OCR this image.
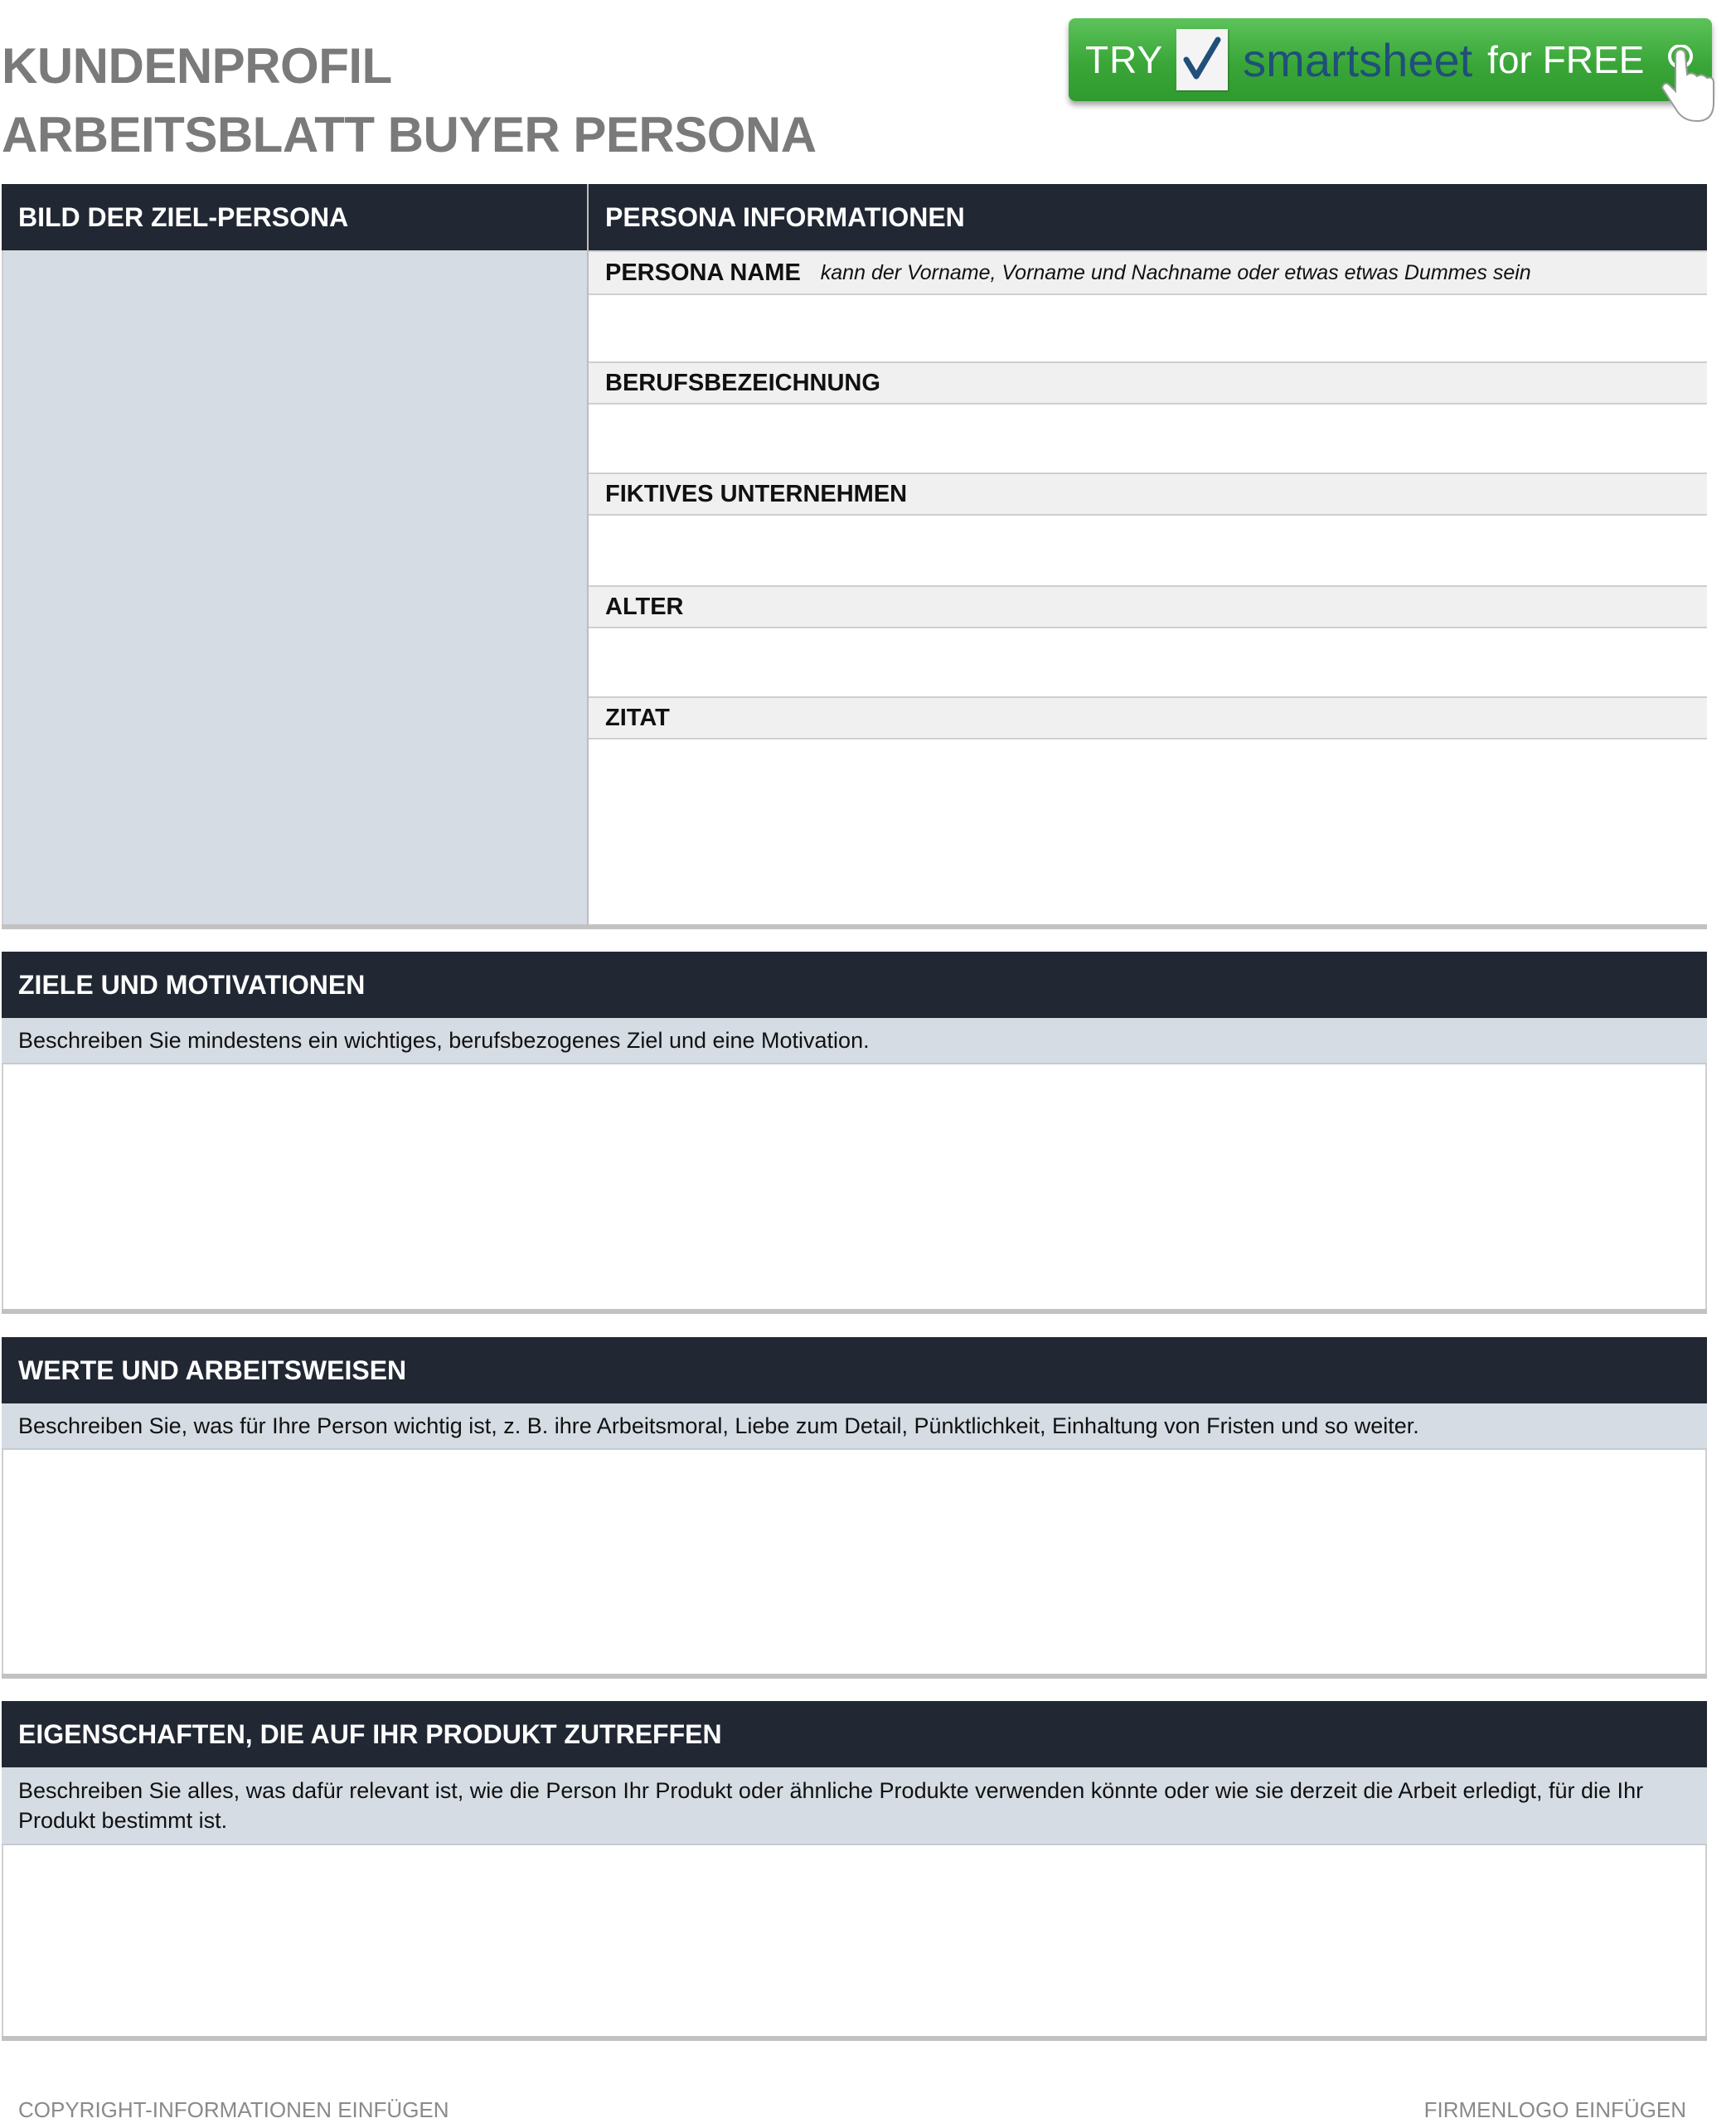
KUNDENPROFIL
ARBEITSBLATT BUYER PERSONA
TRY smartsheet for FREE
BILD DER ZIEL-PERSONA	PERSONA INFORMATIONEN
PERSONA NAME kann der Vorname, Vorname und Nachname oder etwas etwas Dummes sein
BERUFSBEZEICHNUNG
FIKTIVES UNTERNEHMEN
ALTER
ZITAT
ZIELE UND MOTIVATIONEN
Beschreiben Sie mindestens ein wichtiges, berufsbezogenes Ziel und eine Motivation.
WERTE UND ARBEITSWEISEN
Beschreiben Sie, was für Ihre Person wichtig ist, z. B. ihre Arbeitsmoral, Liebe zum Detail, Pünktlichkeit, Einhaltung von Fristen und so weiter.
EIGENSCHAFTEN, DIE AUF IHR PRODUKT ZUTREFFEN
Beschreiben Sie alles, was dafür relevant ist, wie die Person Ihr Produkt oder ähnliche Produkte verwenden könnte oder wie sie derzeit die Arbeit erledigt, für die Ihr Produkt bestimmt ist.
COPYRIGHT-INFORMATIONEN EINFÜGEN	FIRMENLOGO EINFÜGEN
